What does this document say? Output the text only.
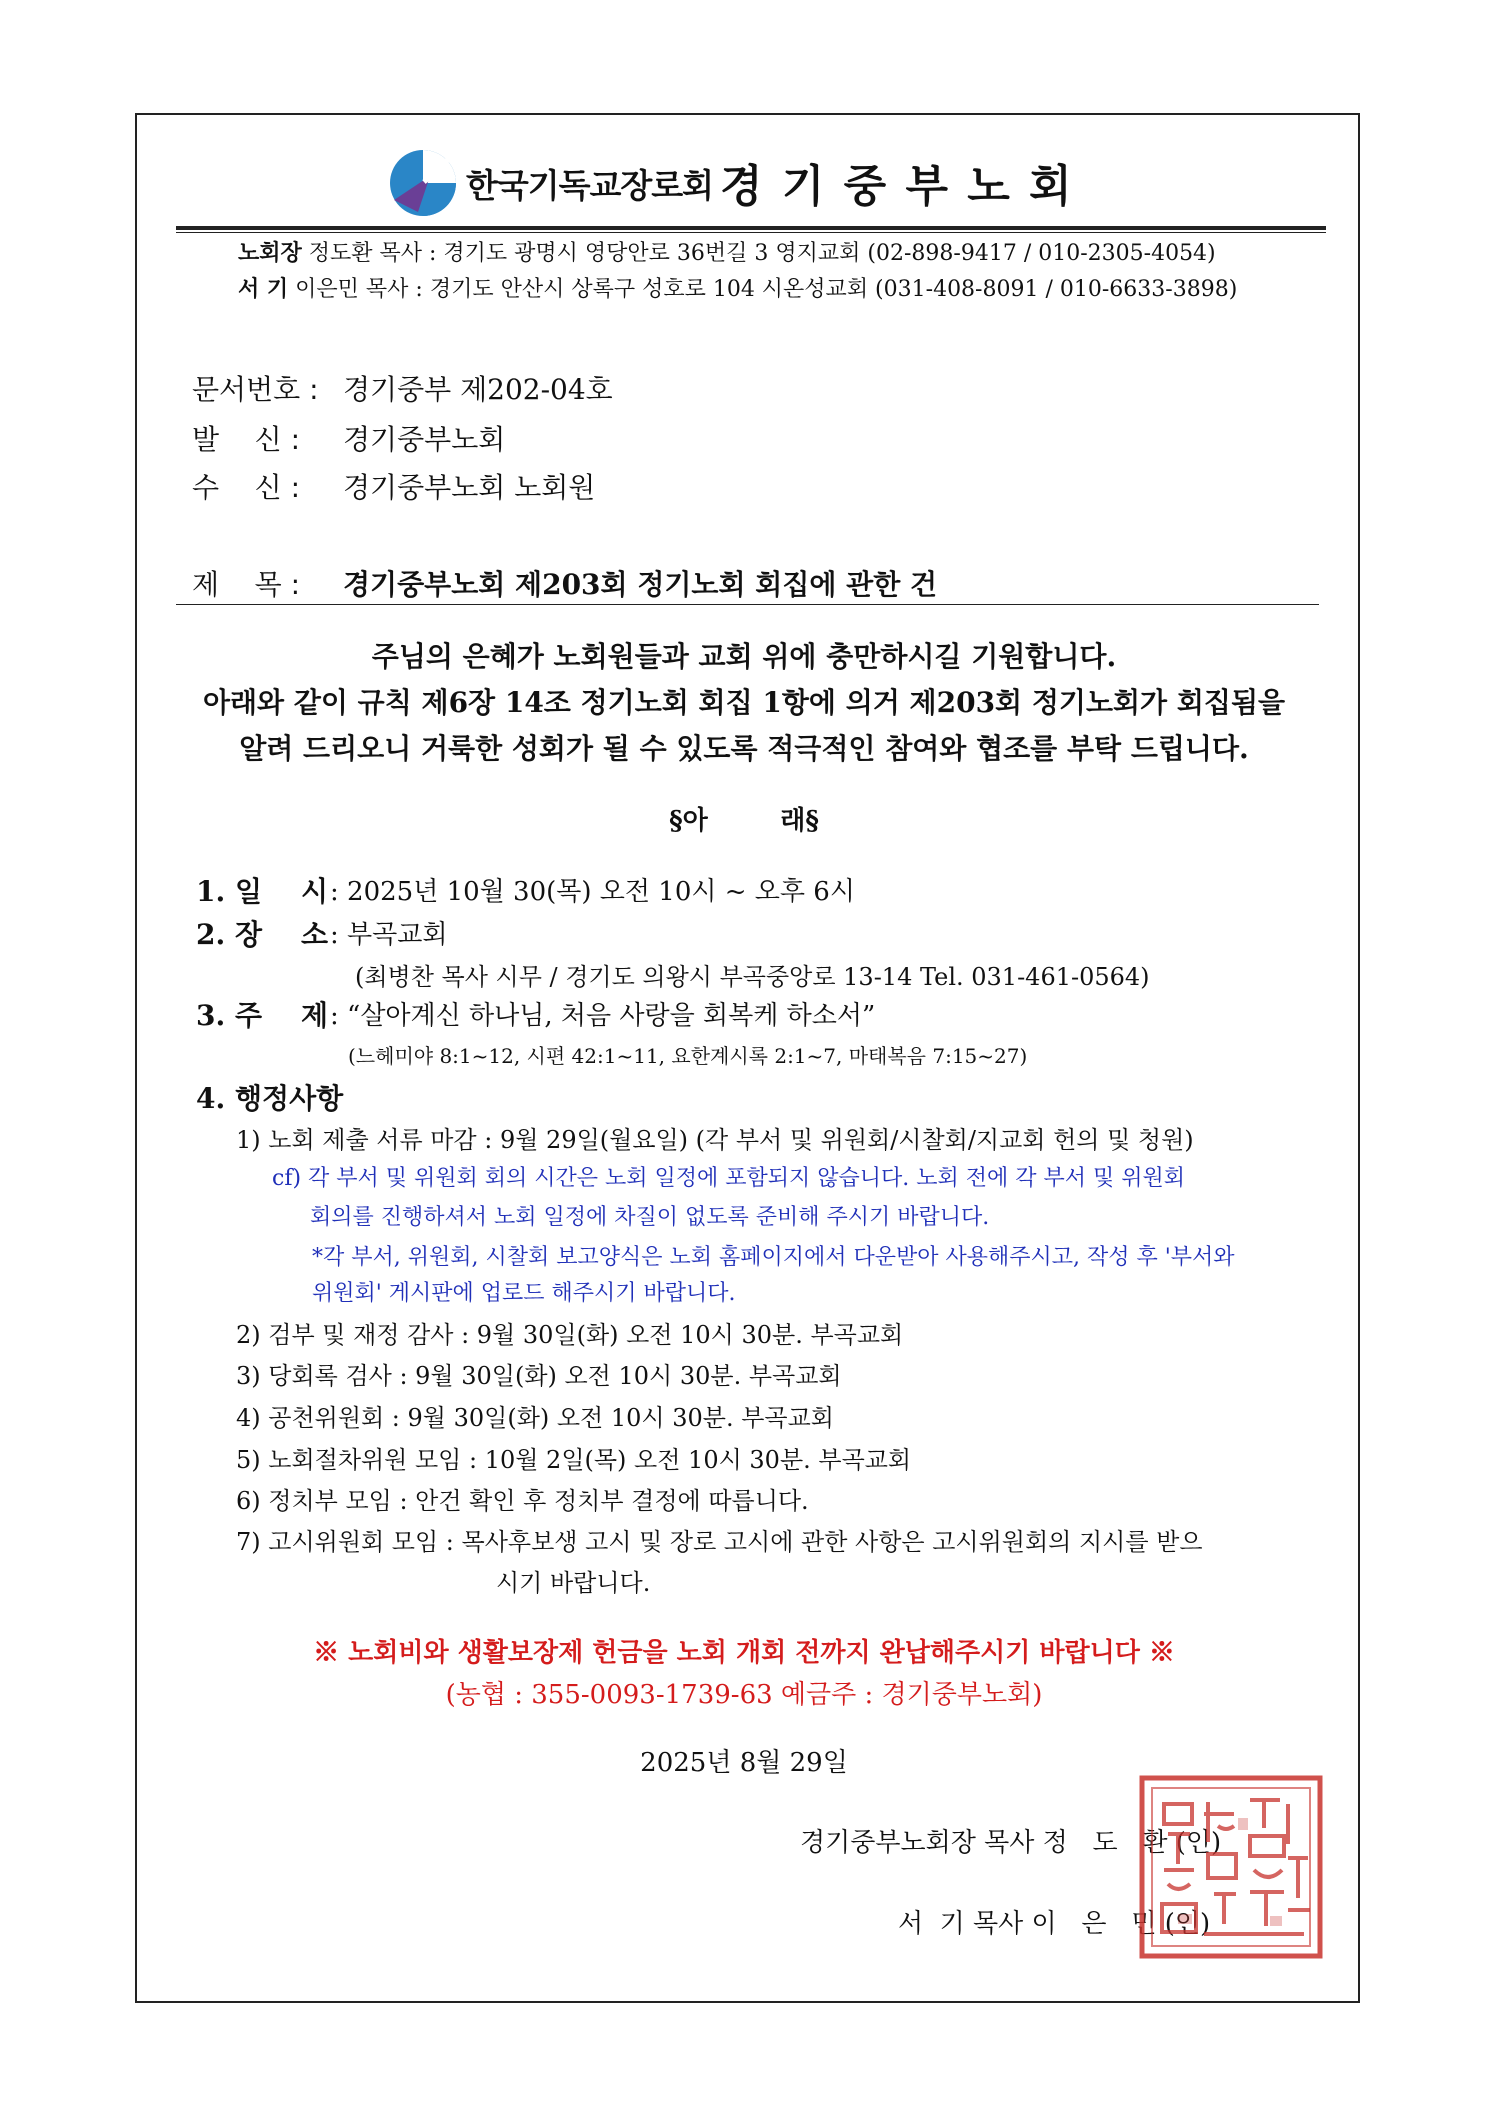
한국기독교장로회 경 기 중 부 노 회
노회장 정도환 목사 : 경기도 광명시 영당안로 36번길 3 영지교회 (02-898-9417 / 010-2305-4054)
서 기 이은민 목사 : 경기도 안산시 상록구 성호로 104 시온성교회 (031-408-8091 / 010-6633-3898)
문서번호 : 경기중부 제202-04호
발    신 : 경기중부노회
수    신 : 경기중부노회 노회원
제    목 : 경기중부노회 제203회 정기노회 회집에 관한 건
주님의 은혜가 노회원들과 교회 위에 충만하시길 기원합니다.
아래와 같이 규칙 제6장 14조 정기노회 회집 1항에 의거 제203회 정기노회가 회집됨을
알려 드리오니 거룩한 성회가 될 수 있도록 적극적인 참여와 협조를 부탁 드립니다.
§아        래§
1. 일    시 : 2025년 10월 30(목) 오전 10시 ~ 오후 6시
2. 장    소 : 부곡교회
(최병찬 목사 시무 / 경기도 의왕시 부곡중앙로 13-14 Tel. 031-461-0564)
3. 주    제 : “살아계신 하나님, 처음 사랑을 회복케 하소서”
(느헤미야 8:1~12, 시편 42:1~11, 요한계시록 2:1~7, 마태복음 7:15~27)
4. 행정사항
1) 노회 제출 서류 마감 : 9월 29일(월요일) (각 부서 및 위원회/시찰회/지교회 헌의 및 청원)
cf) 각 부서 및 위원회 회의 시간은 노회 일정에 포함되지 않습니다. 노회 전에 각 부서 및 위원회
회의를 진행하셔서 노회 일정에 차질이 없도록 준비해 주시기 바랍니다.
*각 부서, 위원회, 시찰회 보고양식은 노회 홈페이지에서 다운받아 사용해주시고, 작성 후 '부서와
위원회' 게시판에 업로드 해주시기 바랍니다.
2) 검부 및 재정 감사 : 9월 30일(화) 오전 10시 30분. 부곡교회
3) 당회록 검사 : 9월 30일(화) 오전 10시 30분. 부곡교회
4) 공천위원회 : 9월 30일(화) 오전 10시 30분. 부곡교회
5) 노회절차위원 모임 : 10월 2일(목) 오전 10시 30분. 부곡교회
6) 정치부 모임 : 안건 확인 후 정치부 결정에 따릅니다.
7) 고시위원회 모임 : 목사후보생 고시 및 장로 고시에 관한 사항은 고시위원회의 지시를 받으
시기 바랍니다.
※ 노회비와 생활보장제 헌금을 노회 개회 전까지 완납해주시기 바랍니다 ※
(농협 : 355-0093-1739-63 예금주 : 경기중부노회)
2025년 8월 29일
경기중부노회장 목사 정   도   환 (인)
서  기 목사 이   은   민 (인)
